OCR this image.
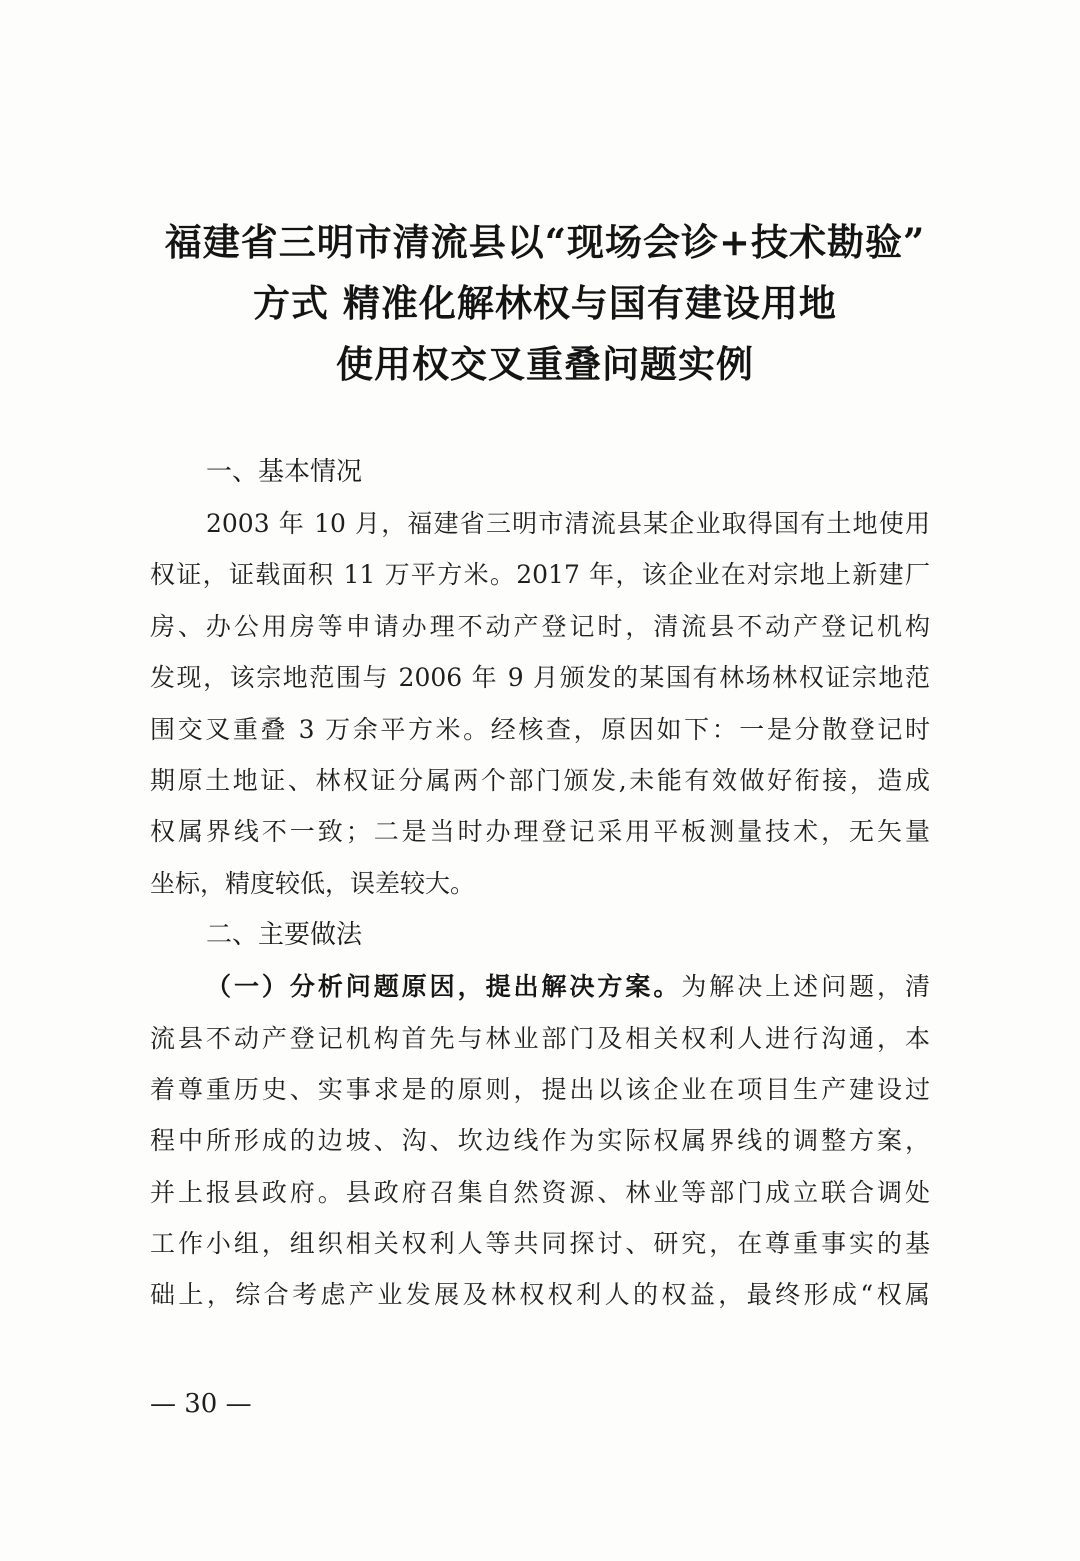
福建省三明市清流县以“现场会诊+技术勘验”
方式 精准化解林权与国有建设用地
使用权交叉重叠问题实例
一、基本情况
2003 年 10 月，福建省三明市清流县某企业取得国有土地使用
权证，证载面积 11 万平方米。2017 年，该企业在对宗地上新建厂
房、办公用房等申请办理不动产登记时，清流县不动产登记机构
发现，该宗地范围与 2006 年 9 月颁发的某国有林场林权证宗地范
围交叉重叠 3 万余平方米。经核查，原因如下：一是分散登记时
期原土地证、林权证分属两个部门颁发,未能有效做好衔接，造成
权属界线不一致；二是当时办理登记采用平板测量技术，无矢量
坐标，精度较低，误差较大。
二、主要做法
（一）分析问题原因，提出解决方案。为解决上述问题，清
流县不动产登记机构首先与林业部门及相关权利人进行沟通，本
着尊重历史、实事求是的原则，提出以该企业在项目生产建设过
程中所形成的边坡、沟、坎边线作为实际权属界线的调整方案，
并上报县政府。县政府召集自然资源、林业等部门成立联合调处
工作小组，组织相关权利人等共同探讨、研究，在尊重事实的基
础上，综合考虑产业发展及林权权利人的权益，最终形成“权属
— 30 —
